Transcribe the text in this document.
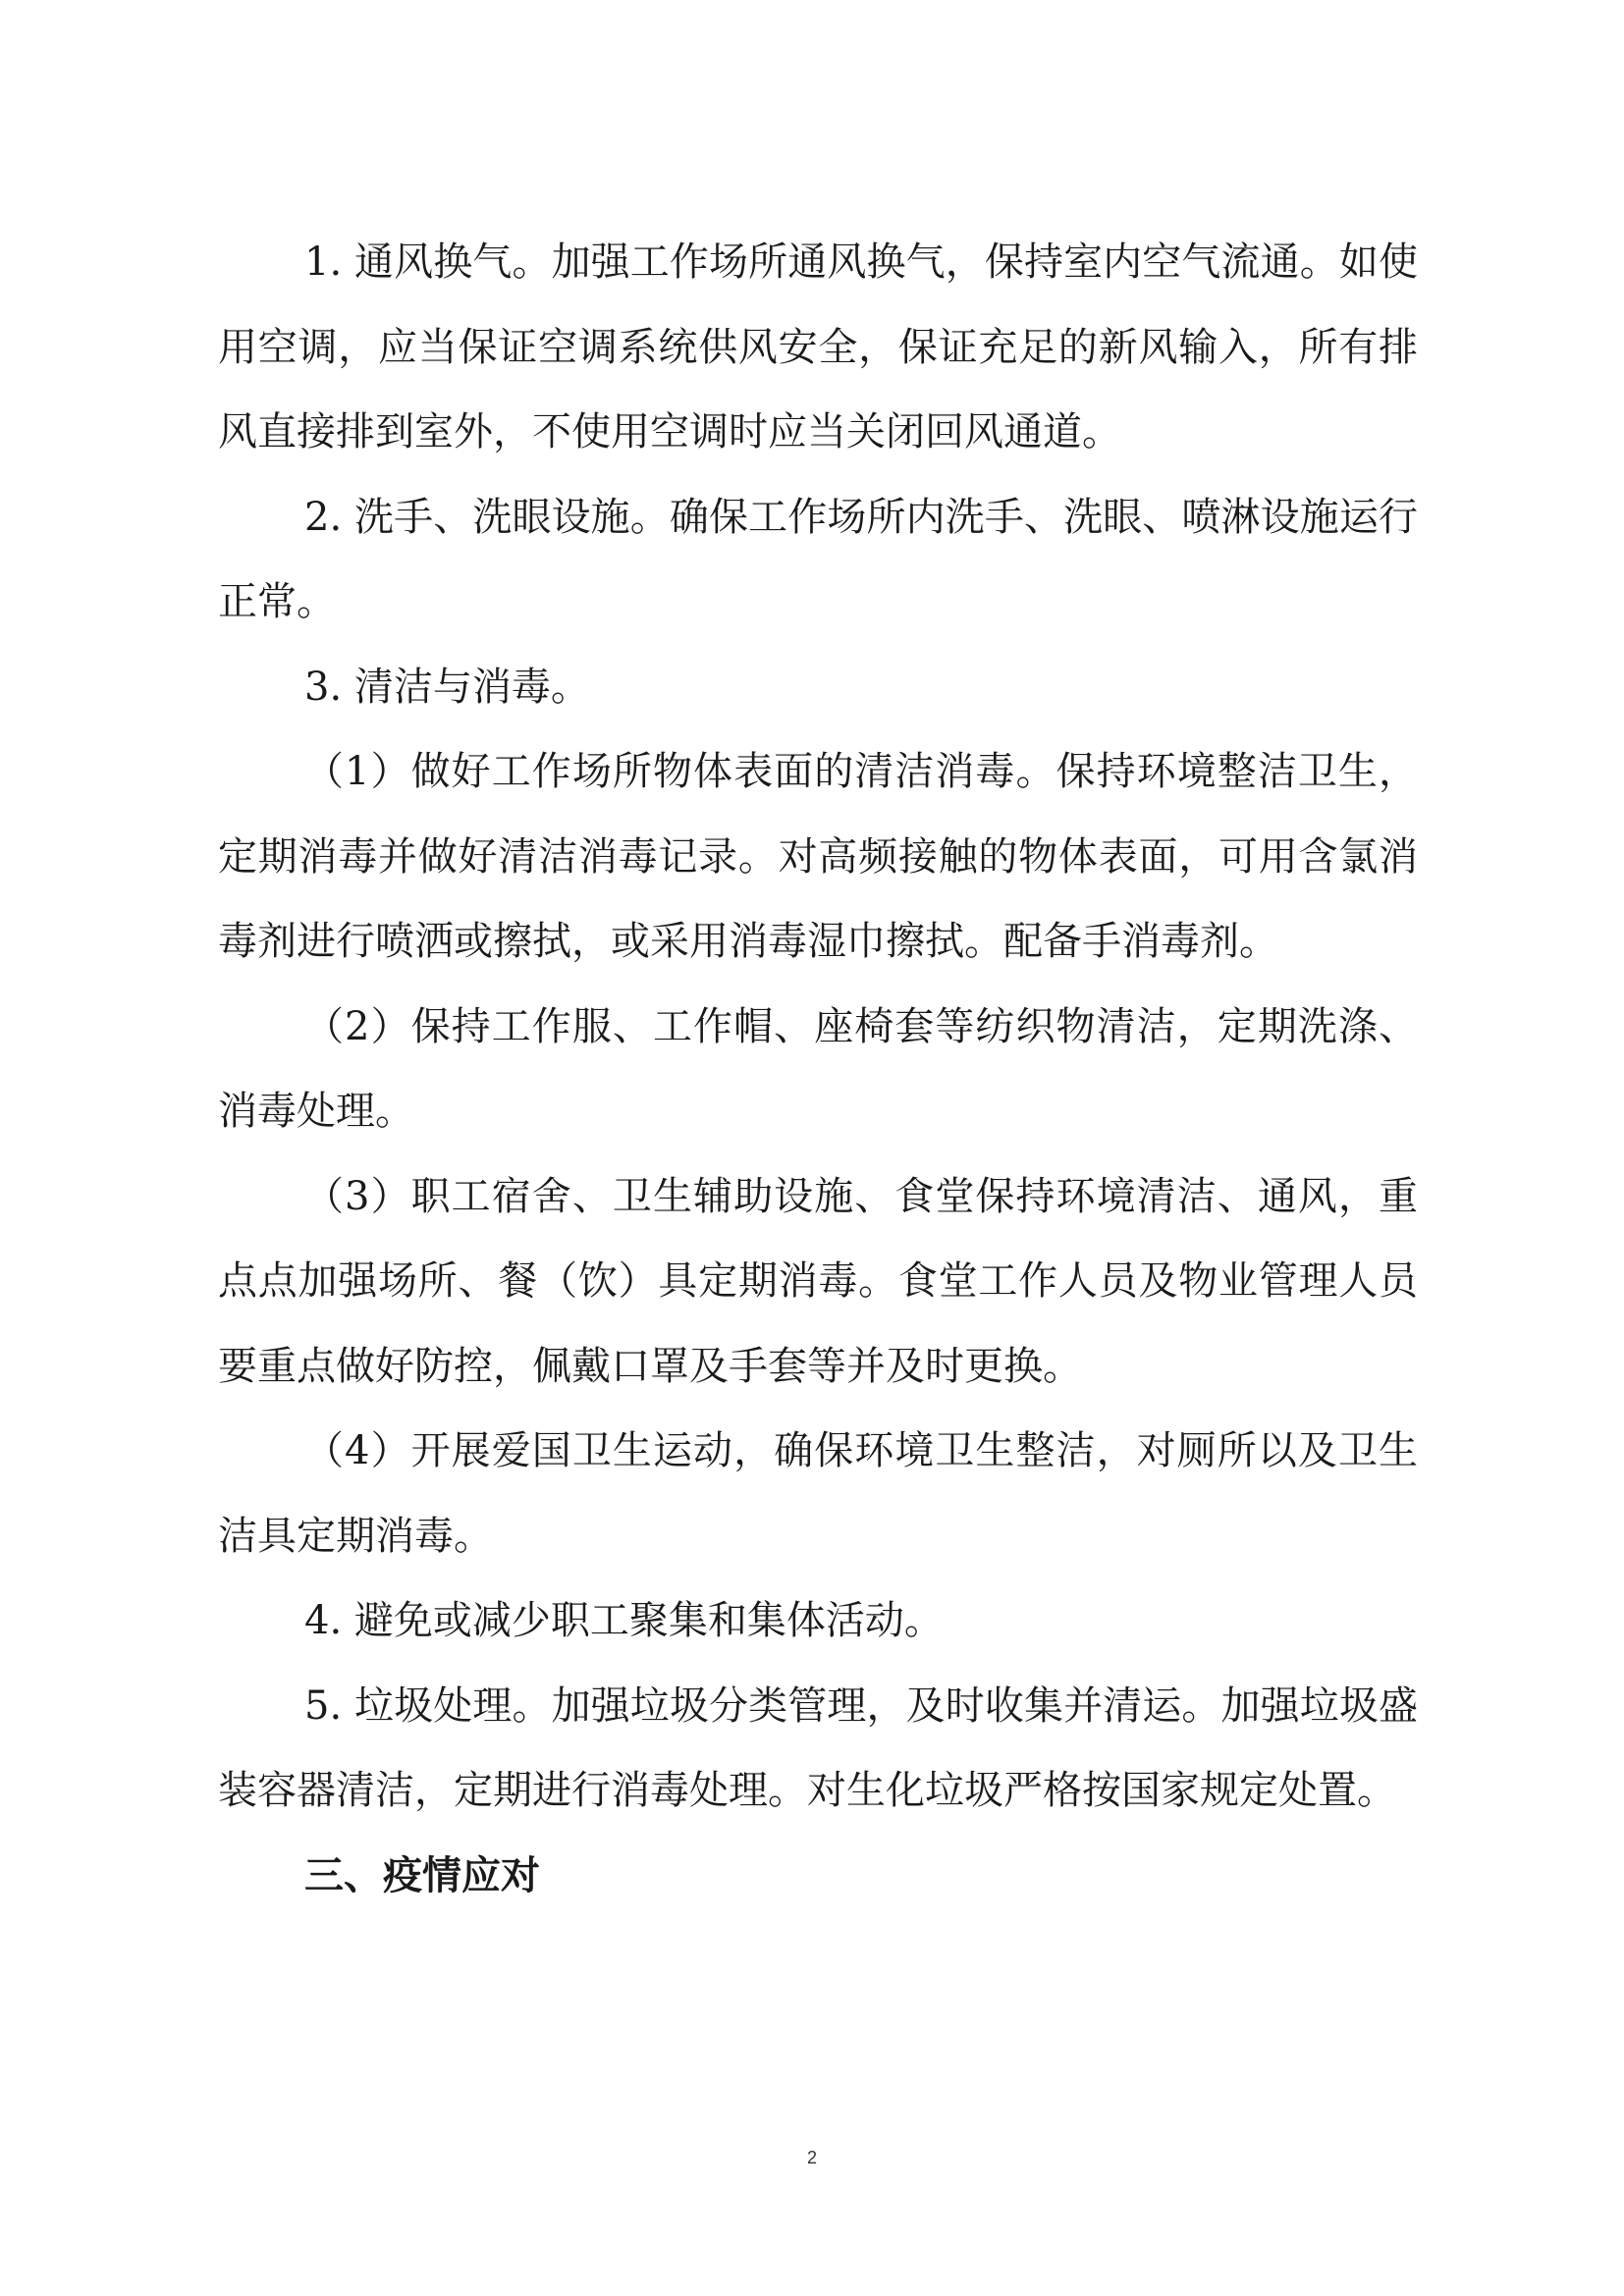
1. 通风换气。加强工作场所通风换气，保持室内空气流通。如使用空调，应当保证空调系统供风安全，保证充足的新风输入，所有排风直接排到室外，不使用空调时应当关闭回风通道。

2. 洗手、洗眼设施。确保工作场所内洗手、洗眼、喷淋设施运行正常。

3. 清洁与消毒。

（1）做好工作场所物体表面的清洁消毒。保持环境整洁卫生，定期消毒并做好清洁消毒记录。对高频接触的物体表面，可用含氯消毒剂进行喷洒或擦拭，或采用消毒湿巾擦拭。配备手消毒剂。

（2）保持工作服、工作帽、座椅套等纺织物清洁，定期洗涤、消毒处理。

（3）职工宿舍、卫生辅助设施、食堂保持环境清洁、通风，重点点加强场所、餐（饮）具定期消毒。食堂工作人员及物业管理人员要重点做好防控，佩戴口罩及手套等并及时更换。

（4）开展爱国卫生运动，确保环境卫生整洁，对厕所以及卫生洁具定期消毒。

4. 避免或减少职工聚集和集体活动。

5. 垃圾处理。加强垃圾分类管理，及时收集并清运。加强垃圾盛装容器清洁，定期进行消毒处理。对生化垃圾严格按国家规定处置。

三、疫情应对

2
